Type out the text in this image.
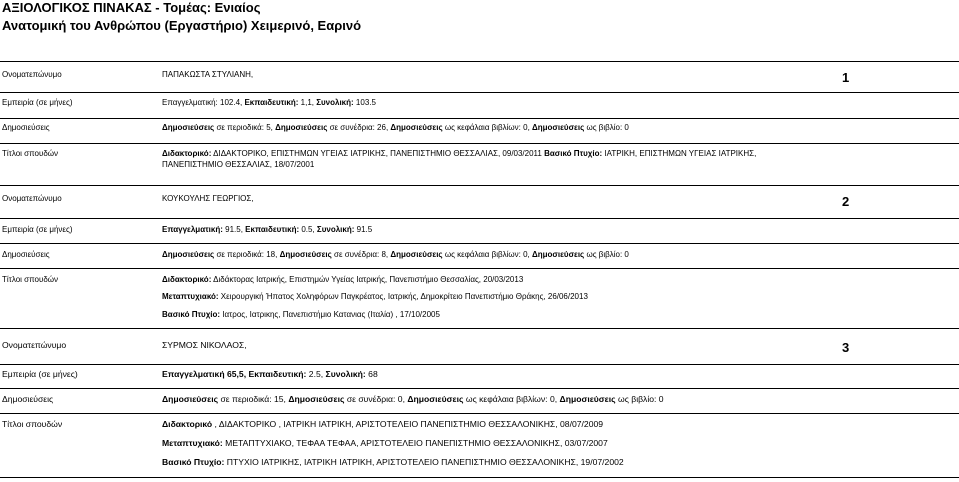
ΑΞΙΟΛΟΓΙΚΟΣ ΠΙΝΑΚΑΣ - Τομέας: Ενιαίος
Ανατομική του Ανθρώπου (Εργαστήριο) Χειμερινό, Εαρινό
Ονοματεπώνυμο	ΠΑΠΑΚΩΣΤΑ ΣΤΥΛΙΑΝΗ,	1
Εμπειρία (σε μήνες)	Επαγγελματική: 102.4, Εκπαιδευτική: 1,1, Συνολική: 103.5
Δημοσιεύσεις	Δημοσιεύσεις σε περιοδικά: 5, Δημοσιεύσεις σε συνέδρια: 26, Δημοσιεύσεις ως κεφάλαια βιβλίων: 0, Δημοσιεύσεις ως βιβλίο: 0
Τίτλοι σπουδών	Διδακτορικό: ΔΙΔΑΚΤΟΡΙΚΟ, ΕΠΙΣΤΗΜΩΝ ΥΓΕΙΑΣ ΙΑΤΡΙΚΗΣ, ΠΑΝΕΠΙΣΤΗΜΙΟ ΘΕΣΣΑΛΙΑΣ, 09/03/2011 Βασικό Πτυχίο: ΙΑΤΡΙΚΗ, ΕΠΙΣΤΗΜΩΝ ΥΓΕΙΑΣ ΙΑΤΡΙΚΗΣ,
ΠΑΝΕΠΙΣΤΗΜΙΟ ΘΕΣΣΑΛΙΑΣ, 18/07/2001
Ονοματεπώνυμο	ΚΟΥΚΟΥΛΗΣ ΓΕΩΡΓΙΟΣ,	2
Εμπειρία (σε μήνες)	Επαγγελματική: 91.5, Εκπαιδευτική: 0.5, Συνολική: 91.5
Δημοσιεύσεις	Δημοσιεύσεις σε περιοδικά: 18, Δημοσιεύσεις σε συνέδρια: 8, Δημοσιεύσεις ως κεφάλαια βιβλίων: 0, Δημοσιεύσεις ως βιβλίο: 0
Τίτλοι σπουδών	Διδακτορικό: Διδάκτορας Ιατρικής, Επιστημών Υγείας Ιατρικής, Πανεπιστήμιο Θεσσαλίας, 20/03/2013
Μεταπτυχιακό: Χειρουργική Ήπατος Χοληφόρων Παγκρέατος, Ιατρικής, Δημοκρίτειο Πανεπιστήμιο Θράκης, 26/06/2013
Βασικό Πτυχίο: Ιατρος, Ιατρικης, Πανεπιστήμιο Κατανιας (Ιταλία) , 17/10/2005
Ονοματεπώνυμο	ΣΥΡΜΟΣ ΝΙΚΟΛΑΟΣ,	3
Εμπειρία (σε μήνες)	Επαγγελματική 65,5, Εκπαιδευτική: 2.5, Συνολική: 68
Δημοσιεύσεις	Δημοσιεύσεις σε περιοδικά: 15, Δημοσιεύσεις σε συνέδρια: 0, Δημοσιεύσεις ως κεφάλαια βιβλίων: 0, Δημοσιεύσεις ως βιβλίο: 0
Τίτλοι σπουδών	Διδακτορικό , ΔΙΔΑΚΤΟΡΙΚΟ , ΙΑΤΡΙΚΗ ΙΑΤΡΙΚΗ, ΑΡΙΣΤΟΤΕΛΕΙΟ ΠΑΝΕΠΙΣΤΗΜΙΟ ΘΕΣΣΑΛΟΝΙΚΗΣ, 08/07/2009
Μεταπτυχιακό: ΜΕΤΑΠΤΥΧΙΑΚΟ, ΤΕΦΑΑ ΤΕΦΑΑ, ΑΡΙΣΤΟΤΕΛΕΙΟ ΠΑΝΕΠΙΣΤΗΜΙΟ ΘΕΣΣΑΛΟΝΙΚΗΣ, 03/07/2007
Βασικό Πτυχίο: ΠΤΥΧΙΟ ΙΑΤΡΙΚΗΣ, ΙΑΤΡΙΚΗ ΙΑΤΡΙΚΗ, ΑΡΙΣΤΟΤΕΛΕΙΟ ΠΑΝΕΠΙΣΤΗΜΙΟ ΘΕΣΣΑΛΟΝΙΚΗΣ, 19/07/2002
